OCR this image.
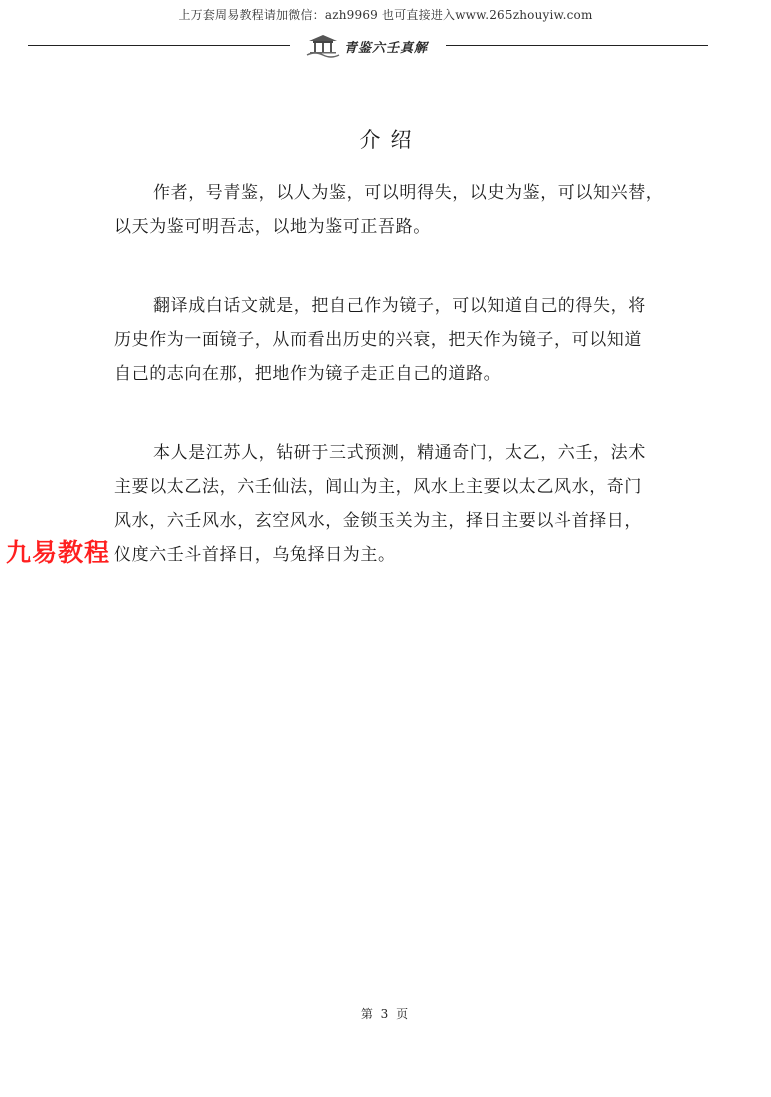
上万套周易教程请加微信：azh9969 也可直接进入www.265zhouyiw.com
青鉴六壬真解
介绍
作者，号青鉴，以人为鉴，可以明得失，以史为鉴，可以知兴替，
以天为鉴可明吾志，以地为鉴可正吾路。
翻译成白话文就是，把自己作为镜子，可以知道自己的得失，将
历史作为一面镜子，从而看出历史的兴衰，把天作为镜子，可以知道
自己的志向在那，把地作为镜子走正自己的道路。
本人是江苏人，钻研于三式预测，精通奇门，太乙，六壬，法术
主要以太乙法，六壬仙法，闾山为主，风水上主要以太乙风水，奇门
风水，六壬风水，玄空风水，金锁玉关为主，择日主要以斗首择日，
仪度六壬斗首择日，乌兔择日为主。
九易教程
第 3 页
